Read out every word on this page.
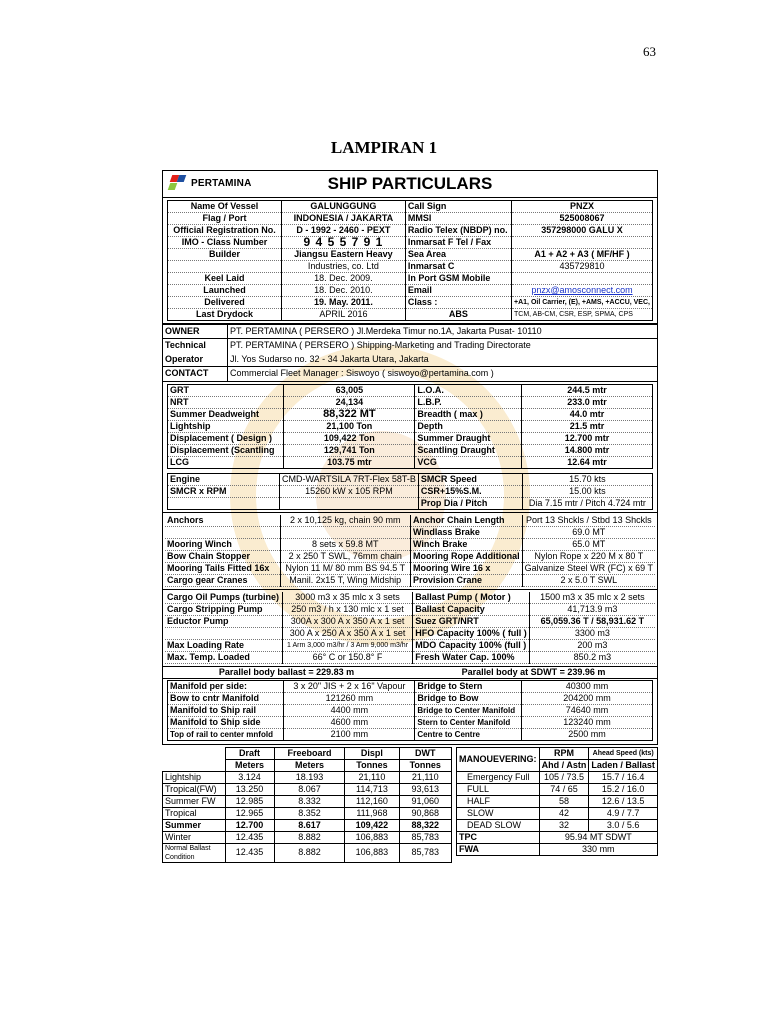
63
LAMPIRAN 1
PERTAMINA	SHIP PARTICULARS
Name Of Vessel	GALUNGGUNG	Call Sign	PNZX
Flag / Port	INDONESIA / JAKARTA	MMSI	525008067
Official Registration No.	D - 1992 - 2460 - PEXT	Radio Telex (NBDP) no.	357298000 GALU X
IMO - Class Number	9 4 5 5 7 9 1	Inmarsat F Tel / Fax	
Builder	Jiangsu Eastern Heavy	Sea Area	A1 + A2 + A3 ( MF/HF )
	Industries, co. Ltd	Inmarsat C	435729810
Keel Laid	18. Dec. 2009.	In Port GSM Mobile	
Launched	18. Dec. 2010.	Email	pnzx@amosconnect.com
Delivered	19. May. 2011.	Class :	+A1, Oil Carrier, (E), +AMS, +ACCU, VEC,
Last Drydock	APRIL 2016	ABS	TCM, AB-CM, CSR, ESP, SPMA, CPS
OWNER	PT. PERTAMINA ( PERSERO ) Jl.Merdeka Timur no.1A, Jakarta Pusat- 10110
Technical	PT. PERTAMINA ( PERSERO ) Shipping-Marketing and Trading Directorate
Operator	Jl. Yos Sudarso no. 32 - 34 Jakarta Utara, Jakarta
CONTACT	Commercial Fleet Manager : Siswoyo ( siswoyo@pertamina.com )
GRT	63,005	L.O.A.	244.5 mtr
NRT	24,134	L.B.P.	233.0 mtr
Summer Deadweight	88,322 MT	Breadth ( max )	44.0 mtr
Lightship	21,100 Ton	Depth	21.5 mtr
Displacement ( Design )	109,422 Ton	Summer Draught	12.700 mtr
Displacement (Scantling	129,741 Ton	Scantling Draught	14.800 mtr
LCG	103.75 mtr	VCG	12.64 mtr
Engine	CMD-WARTSILA 7RT-Flex 58T-B	SMCR Speed	15.70 kts
SMCR x RPM	15260 kW x 105 RPM	CSR+15%S.M.	15.00 kts
		Prop Dia / Pitch	Dia 7.15 mtr / Pitch 4.724 mtr
Anchors	2 x 10,125 kg, chain 90 mm	Anchor Chain Length	Port 13 Shckls / Stbd 13 Shckls
		Windlass Brake	69.0 MT
Mooring Winch	8 sets x 59.8 MT	Winch Brake	65.0 MT
Bow Chain Stopper	2 x 250 T SWL, 76mm chain	Mooring Rope Additional	Nylon Rope x 220 M x 80 T
Mooring Tails Fitted 16x	Nylon 11 M/ 80 mm BS 94.5 T	Mooring Wire 16 x	Galvanize Steel WR (FC) x 69 T
Cargo gear Cranes	Manil. 2x15 T, Wing Midship	Provision Crane	2 x 5.0 T SWL
Cargo Oil Pumps (turbine)	3000 m3 x 35 mlc x 3 sets	Ballast Pump ( Motor )	1500 m3 x 35 mlc x 2 sets
Cargo Stripping Pump	250 m3 / h x 130 mlc x 1 set	Ballast Capacity	41,713.9 m3
Eductor Pump	300A x 300 A x 350 A x 1 set	Suez GRT/NRT	65,059.36 T / 58,931.62 T
	300 A x 250 A x 350 A x 1 set	HFO Capacity 100% ( full )	3300 m3
Max Loading Rate	1 Arm 3,000 m3/hr / 3 Arm 9,000 m3/hr	MDO Capacity 100% (full )	200 m3
Max. Temp. Loaded	66° C or 150.8° F	Fresh Water Cap. 100%	850.2 m3
Parallel body ballast = 229.83 m	Parallel body at SDWT = 239.96 m
Manifold per side:	3 x 20" JIS + 2 x 16" Vapour	Bridge to Stern	40300 mm
Bow to cntr Manifold	121260 mm	Bridge to Bow	204200 mm
Manifold to Ship rail	4400 mm	Bridge to Center Manifold	74640 mm
Manifold to Ship side	4600 mm	Stern to Center Manifold	123240 mm
Top of rail to center mnfold	2100 mm	Centre to Centre	2500 mm
	Draft	Freeboard	Displ	DWT
	Meters	Meters	Tonnes	Tonnes
Lightship	3.124	18.193	21,110	21,110
Tropical(FW)	13.250	8.067	114,713	93,613
Summer FW	12.985	8.332	112,160	91,060
Tropical	12.965	8.352	111,968	90,868
Summer	12.700	8.617	109,422	88,322
Winter	12.435	8.882	106,883	85,783
Normal Ballast Condition	12.435	8.882	106,883	85,783
MANOUEVERING:	RPM	Ahead Speed (kts)
	Ahd / Astn	Laden / Ballast
Emergency Full	105 / 73.5	15.7 / 16.4
FULL	74 / 65	15.2 / 16.0
HALF	58	12.6 / 13.5
SLOW	42	4.9 / 7.7
DEAD SLOW	32	3.0 / 5.6
TPC	95.94 MT SDWT	
FWA	330 mm	
